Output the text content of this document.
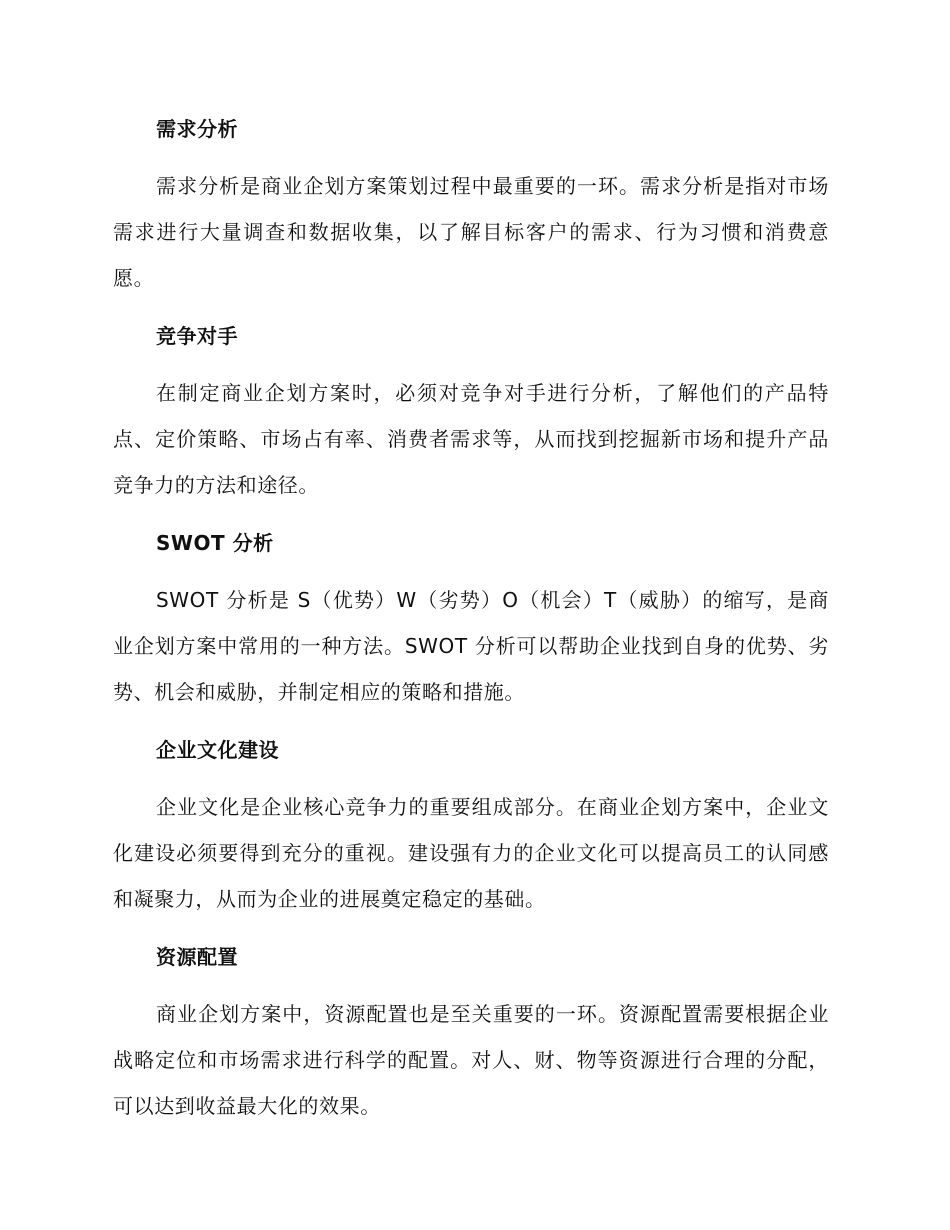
需求分析

需求分析是商业企划方案策划过程中最重要的一环。需求分析是指对市场需求进行大量调查和数据收集，以了解目标客户的需求、行为习惯和消费意愿。

竞争对手

在制定商业企划方案时，必须对竞争对手进行分析，了解他们的产品特点、定价策略、市场占有率、消费者需求等，从而找到挖掘新市场和提升产品竞争力的方法和途径。

SWOT 分析

SWOT 分析是 S（优势）W（劣势）O（机会）T（威胁）的缩写，是商业企划方案中常用的一种方法。SWOT 分析可以帮助企业找到自身的优势、劣势、机会和威胁，并制定相应的策略和措施。

企业文化建设

企业文化是企业核心竞争力的重要组成部分。在商业企划方案中，企业文化建设必须要得到充分的重视。建设强有力的企业文化可以提高员工的认同感和凝聚力，从而为企业的进展奠定稳定的基础。

资源配置

商业企划方案中，资源配置也是至关重要的一环。资源配置需要根据企业战略定位和市场需求进行科学的配置。对人、财、物等资源进行合理的分配，可以达到收益最大化的效果。
